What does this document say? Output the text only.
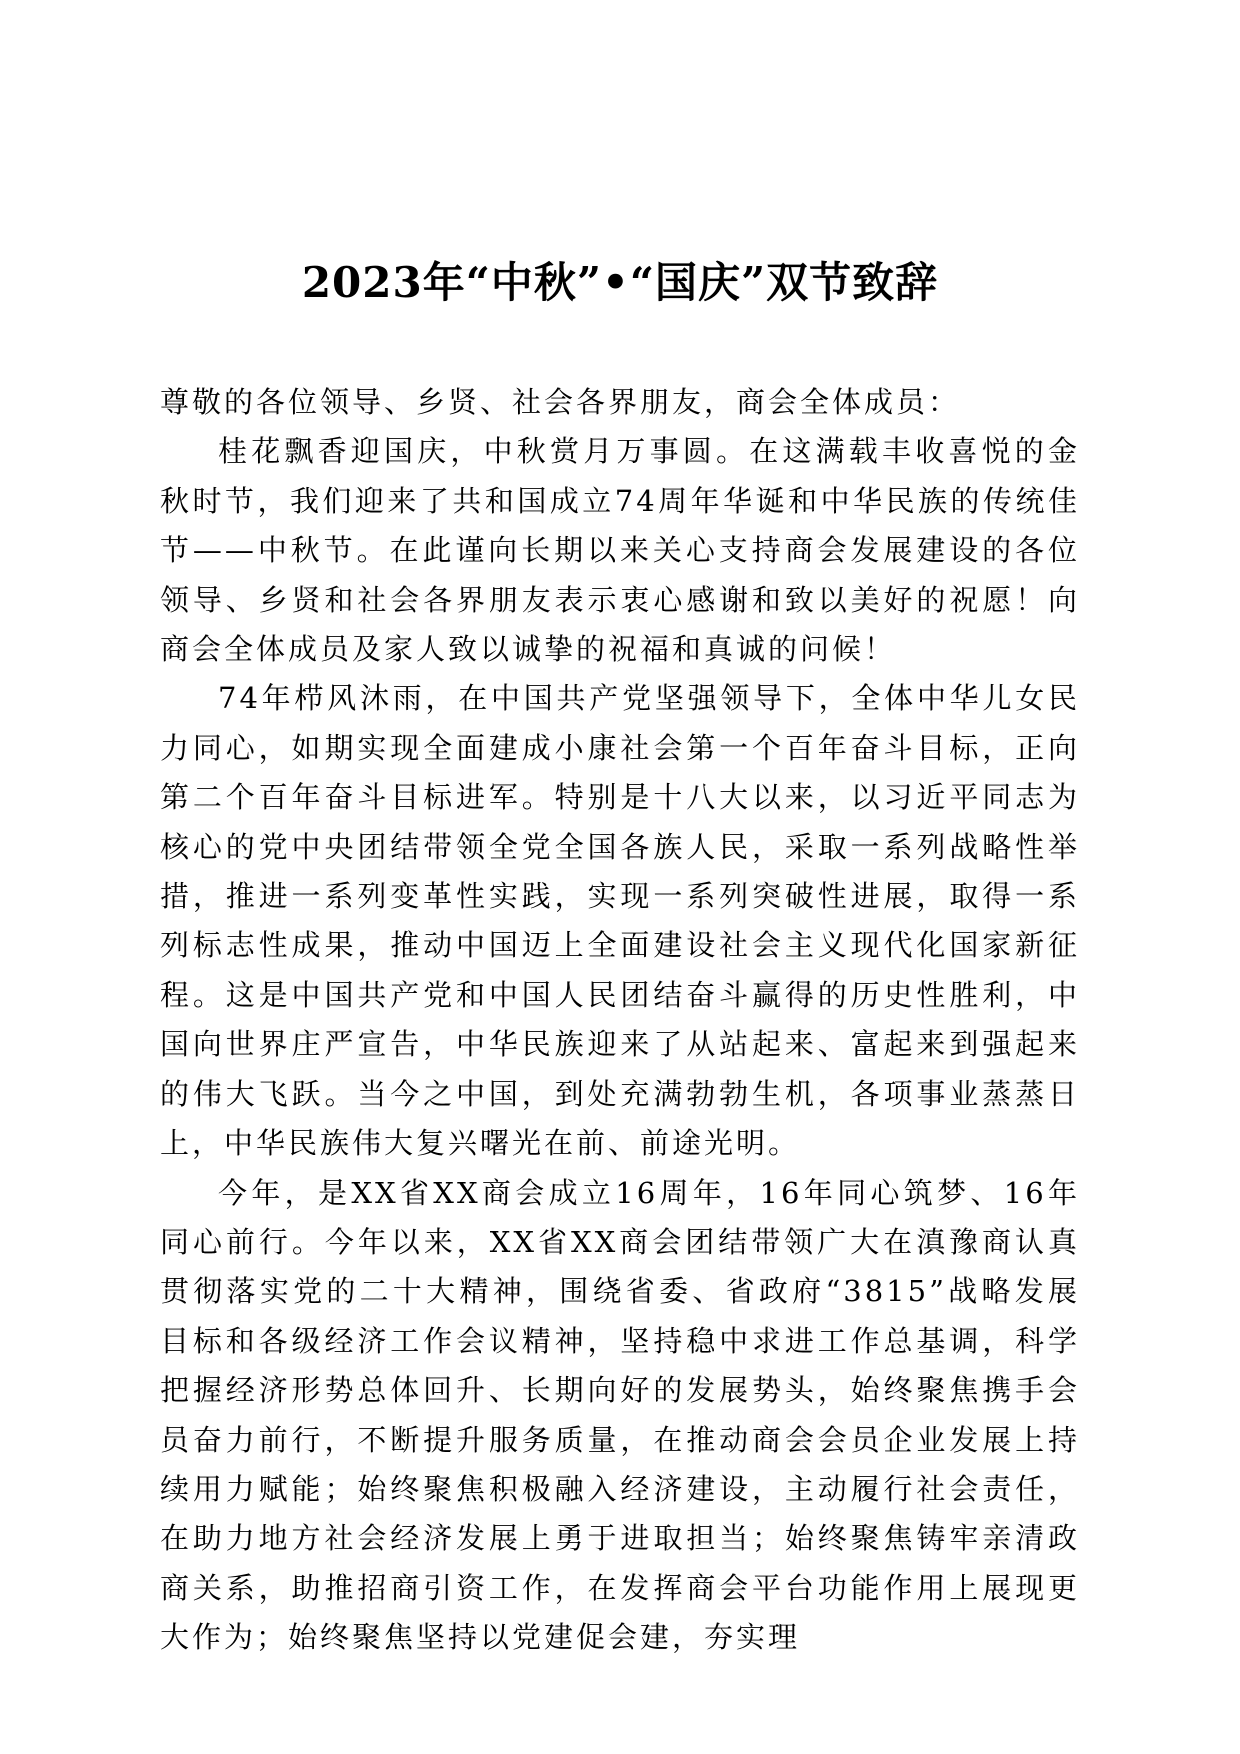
2023年“中秋”•“国庆”双节致辞

尊敬的各位领导、乡贤、社会各界朋友，商会全体成员：

桂花飘香迎国庆，中秋赏月万事圆。在这满载丰收喜悦的金秋时节，我们迎来了共和国成立74周年华诞和中华民族的传统佳节——中秋节。在此谨向长期以来关心支持商会发展建设的各位领导、乡贤和社会各界朋友表示衷心感谢和致以美好的祝愿！向商会全体成员及家人致以诚挚的祝福和真诚的问候！

74年栉风沐雨，在中国共产党坚强领导下，全体中华儿女民力同心，如期实现全面建成小康社会第一个百年奋斗目标，正向第二个百年奋斗目标进军。特别是十八大以来，以习近平同志为核心的党中央团结带领全党全国各族人民，采取一系列战略性举措，推进一系列变革性实践，实现一系列突破性进展，取得一系列标志性成果，推动中国迈上全面建设社会主义现代化国家新征程。这是中国共产党和中国人民团结奋斗赢得的历史性胜利，中国向世界庄严宣告，中华民族迎来了从站起来、富起来到强起来的伟大飞跃。当今之中国，到处充满勃勃生机，各项事业蒸蒸日上，中华民族伟大复兴曙光在前、前途光明。

今年，是XX省XX商会成立16周年，16年同心筑梦、16年同心前行。今年以来，XX省XX商会团结带领广大在滇豫商认真贯彻落实党的二十大精神，围绕省委、省政府“3815”战略发展目标和各级经济工作会议精神，坚持稳中求进工作总基调，科学把握经济形势总体回升、长期向好的发展势头，始终聚焦携手会员奋力前行，不断提升服务质量，在推动商会会员企业发展上持续用力赋能；始终聚焦积极融入经济建设，主动履行社会责任，在助力地方社会经济发展上勇于进取担当；始终聚焦铸牢亲清政商关系，助推招商引资工作，在发挥商会平台功能作用上展现更大作为；始终聚焦坚持以党建促会建，夯实理
